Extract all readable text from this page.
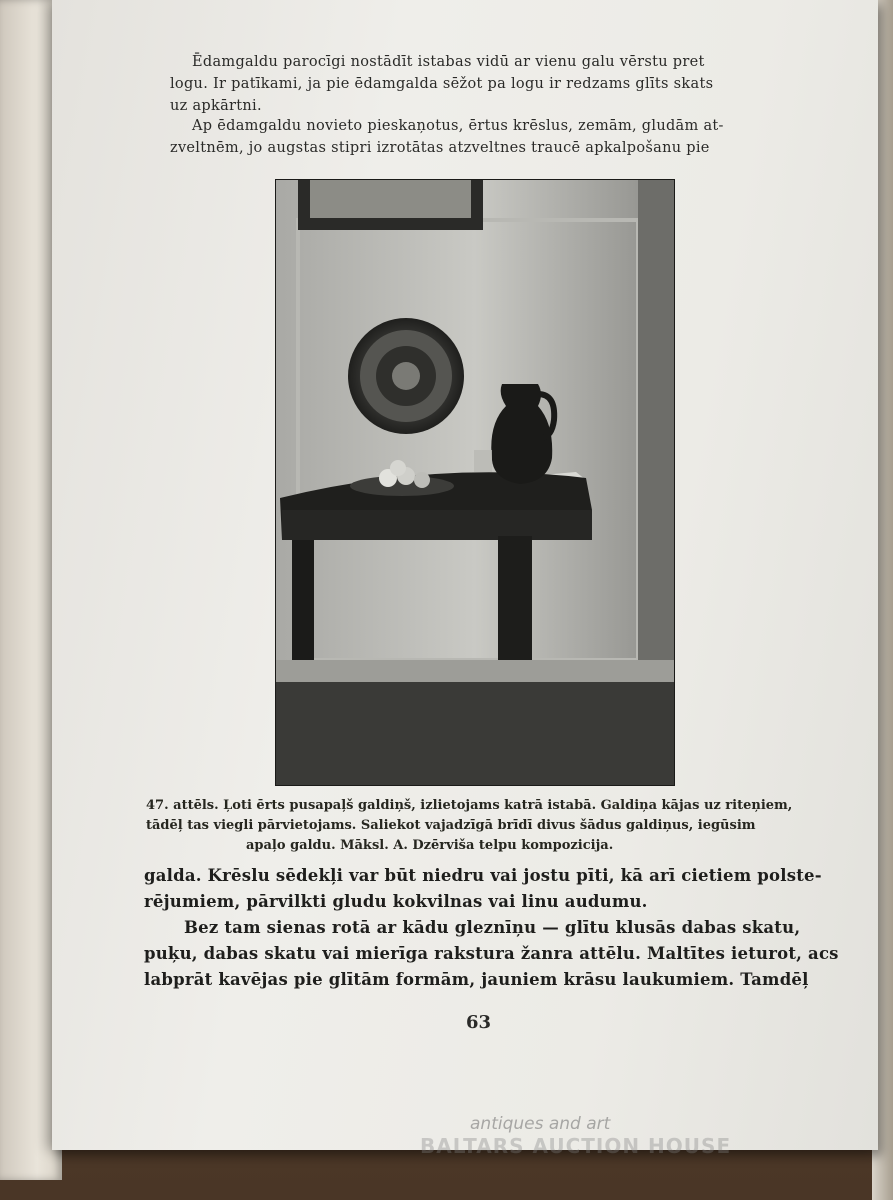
Ēdamgaldu parocīgi nostādīt istabas vidū ar vienu galu vērstu pret
logu. Ir patīkami, ja pie ēdamgalda sēžot pa logu ir redzams glīts skats
uz apkārtni.
Ap ēdamgaldu novieto pieskaņotus, ērtus krēslus, zemām, gludām at-
zveltnēm, jo augstas stipri izrotātas atzveltnes traucē apkalpošanu pie
47. attēls. Ļoti ērts pusapaļš galdiņš, izlietojams katrā istabā. Galdiņa kājas uz riteņiem,
tādēļ tas viegli pārvietojams. Saliekot vajadzīgā brīdī divus šādus galdiņus, iegūsim
apaļo galdu. Māksl. A. Dzērviša telpu kompozicija.
galda. Krēslu sēdekļi var būt niedru vai jostu pīti, kā arī cietiem polste-
rējumiem, pārvilkti gludu kokvilnas vai linu audumu.
Bez tam sienas rotā ar kādu gleznīņu — glītu klusās dabas skatu,
puķu, dabas skatu vai mierīga rakstura žanra attēlu. Maltītes ieturot, acs
labprāt kavējas pie glītām formām, jauniem krāsu laukumiem. Tamdēļ
63
antiques and art
BALTARS AUCTION HOUSE
